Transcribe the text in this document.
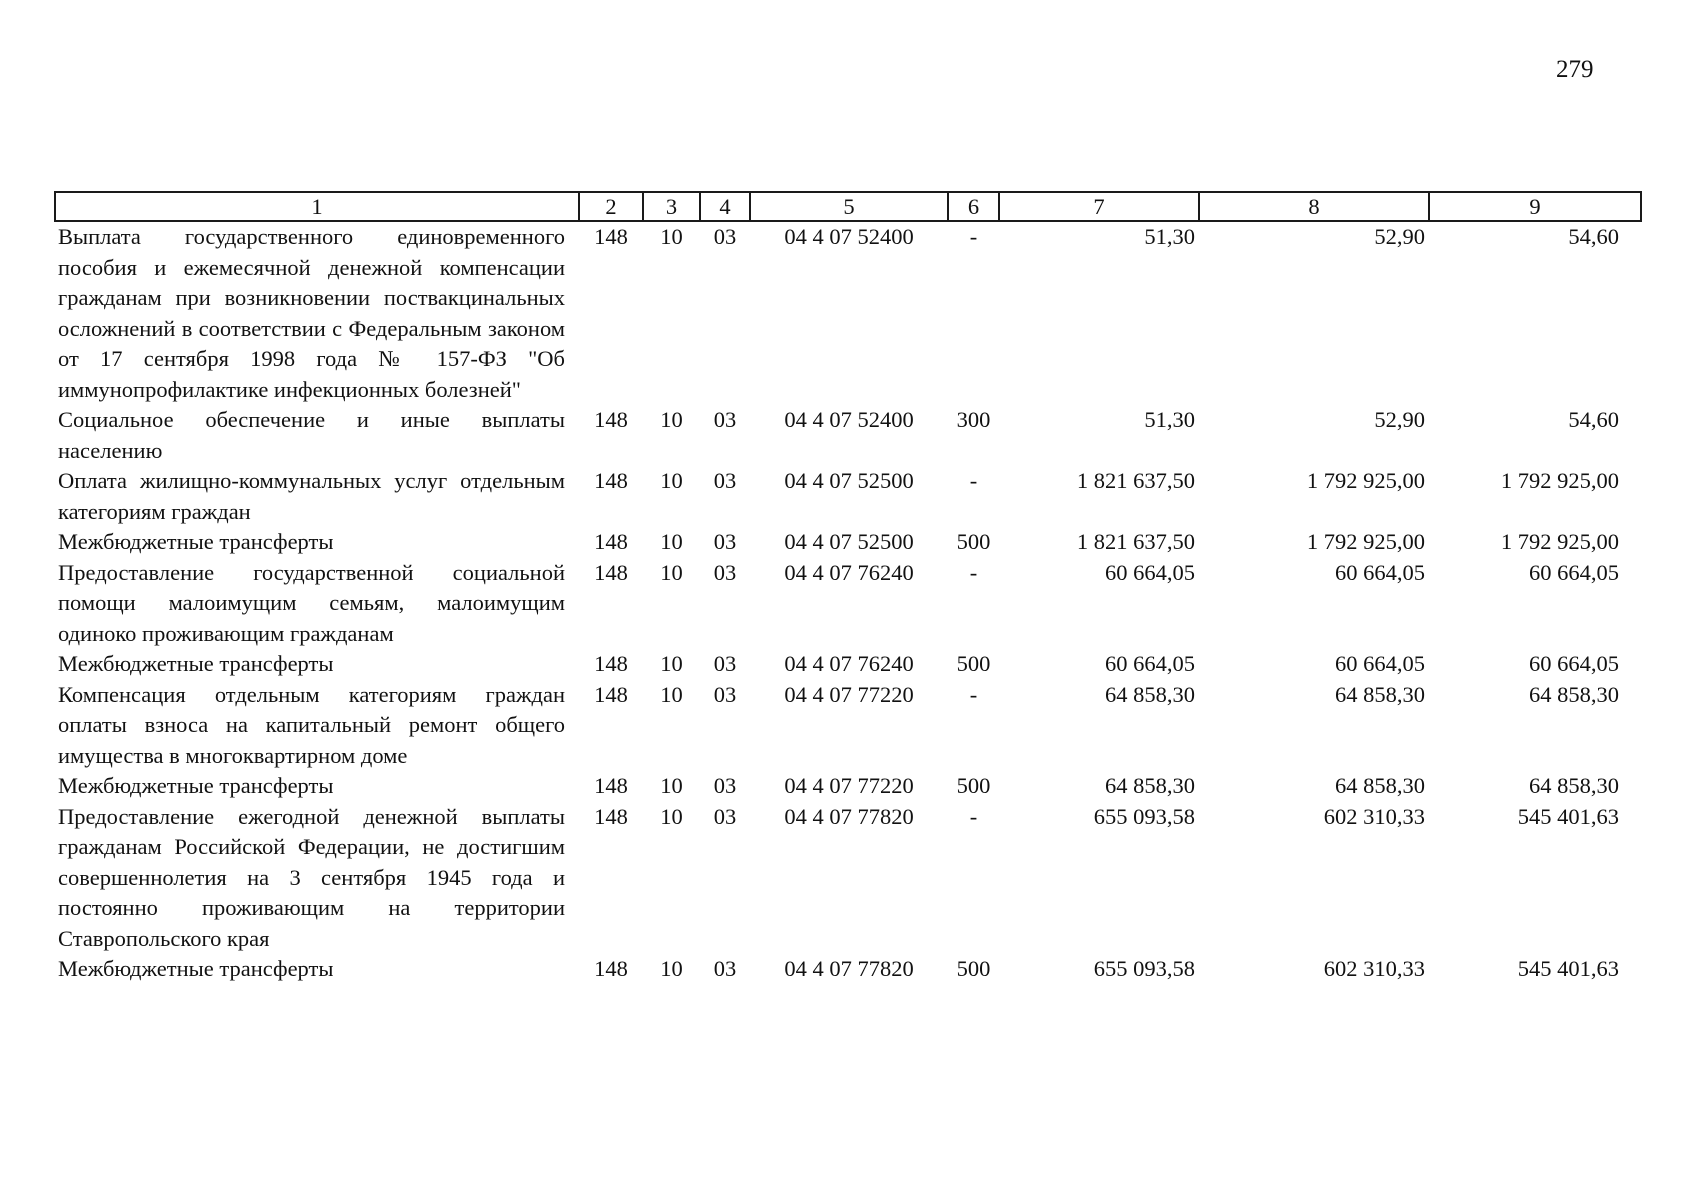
279
1	2	3	4	5	6	7	8	9
Выплата государственного единовременного пособия и ежемесячной денежной компенсации гражданам при возникновении поствакцинальных осложнений в соответствии с Федеральным законом от 17 сентября 1998 года № 157-ФЗ "Об иммунопрофилактике инфекционных болезней"	148	10	03	04 4 07 52400	-	51,30	52,90	54,60
Социальное обеспечение и иные выплаты населению	148	10	03	04 4 07 52400	300	51,30	52,90	54,60
Оплата жилищно-коммунальных услуг отдельным категориям граждан	148	10	03	04 4 07 52500	-	1 821 637,50	1 792 925,00	1 792 925,00
Межбюджетные трансферты	148	10	03	04 4 07 52500	500	1 821 637,50	1 792 925,00	1 792 925,00
Предоставление государственной социальной помощи малоимущим семьям, малоимущим одиноко проживающим гражданам	148	10	03	04 4 07 76240	-	60 664,05	60 664,05	60 664,05
Межбюджетные трансферты	148	10	03	04 4 07 76240	500	60 664,05	60 664,05	60 664,05
Компенсация отдельным категориям граждан оплаты взноса на капитальный ремонт общего имущества в многоквартирном доме	148	10	03	04 4 07 77220	-	64 858,30	64 858,30	64 858,30
Межбюджетные трансферты	148	10	03	04 4 07 77220	500	64 858,30	64 858,30	64 858,30
Предоставление ежегодной денежной выплаты гражданам Российской Федерации, не достигшим совершеннолетия на 3 сентября 1945 года и постоянно проживающим на территории Ставропольского края	148	10	03	04 4 07 77820	-	655 093,58	602 310,33	545 401,63
Межбюджетные трансферты	148	10	03	04 4 07 77820	500	655 093,58	602 310,33	545 401,63
